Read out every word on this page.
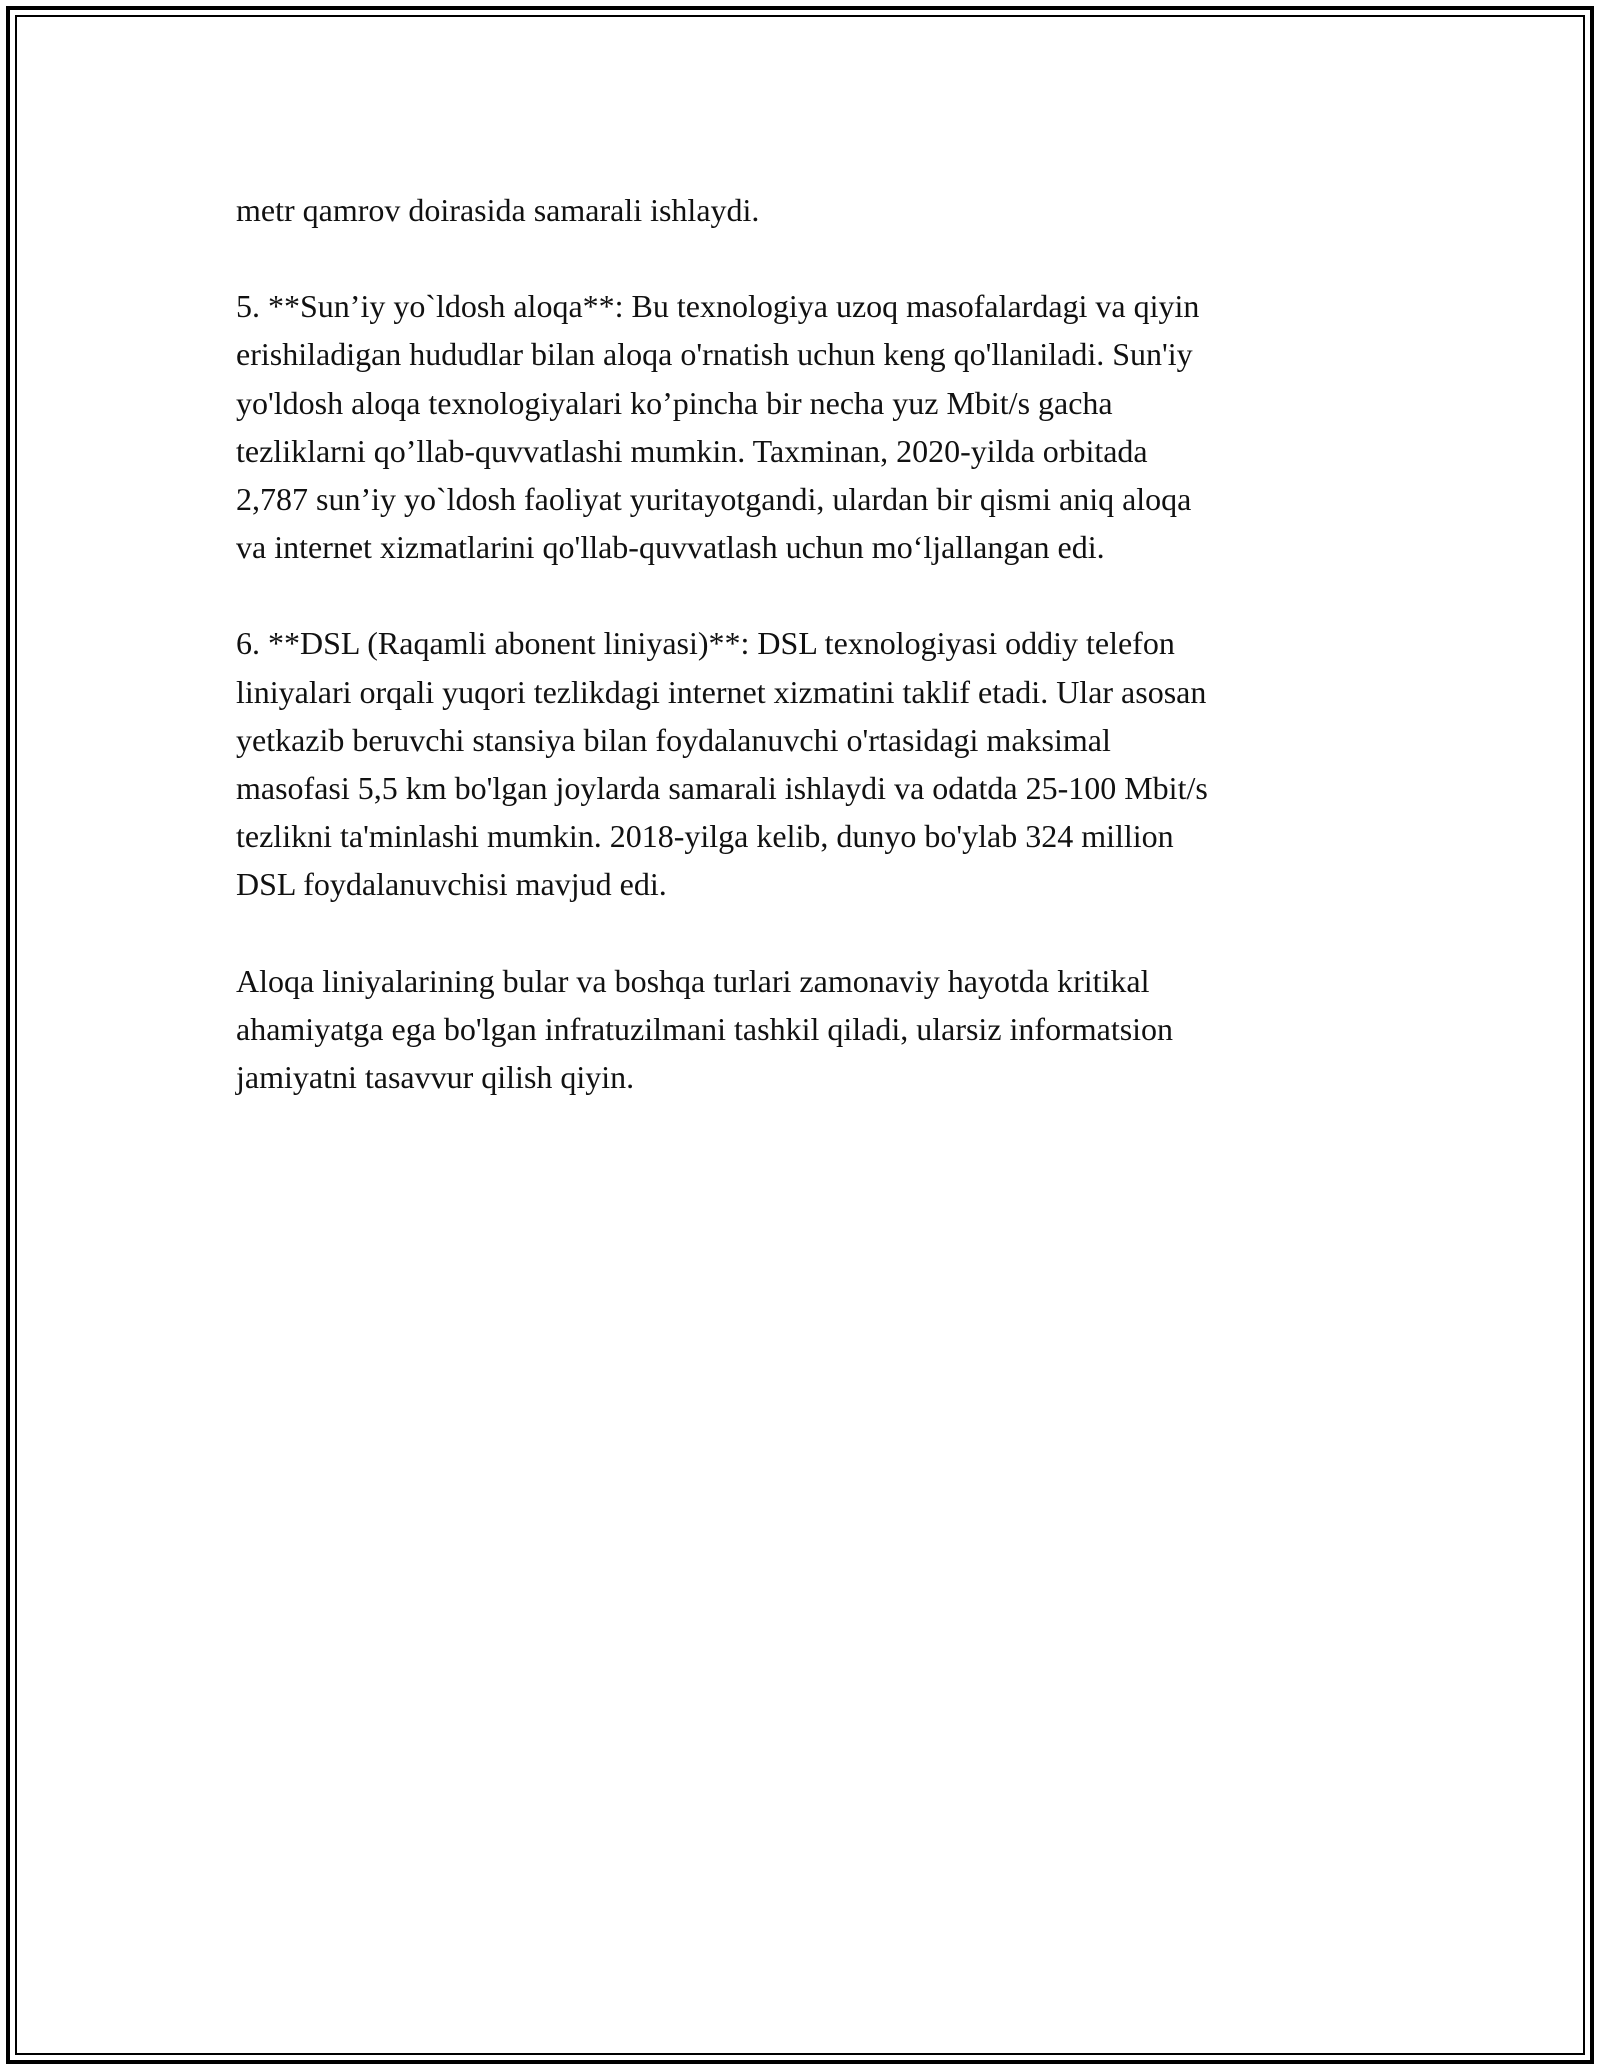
metr qamrov doirasida samarali ishlaydi.

5. **Sun’iy yo`ldosh aloqa**: Bu texnologiya uzoq masofalardagi va qiyin
erishiladigan hududlar bilan aloqa o'rnatish uchun keng qo'llaniladi. Sun'iy
yo'ldosh aloqa texnologiyalari ko’pincha bir necha yuz Mbit/s gacha
tezliklarni qo’llab-quvvatlashi mumkin. Taxminan, 2020-yilda orbitada
2,787 sun’iy yo`ldosh faoliyat yuritayotgandi, ulardan bir qismi aniq aloqa
va internet xizmatlarini qo'llab-quvvatlash uchun mo‘ljallangan edi.

6. **DSL (Raqamli abonent liniyasi)**: DSL texnologiyasi oddiy telefon
liniyalari orqali yuqori tezlikdagi internet xizmatini taklif etadi. Ular asosan
yetkazib beruvchi stansiya bilan foydalanuvchi o'rtasidagi maksimal
masofasi 5,5 km bo'lgan joylarda samarali ishlaydi va odatda 25-100 Mbit/s
tezlikni ta'minlashi mumkin. 2018-yilga kelib, dunyo bo'ylab 324 million
DSL foydalanuvchisi mavjud edi.

Aloqa liniyalarining bular va boshqa turlari zamonaviy hayotda kritikal
ahamiyatga ega bo'lgan infratuzilmani tashkil qiladi, ularsiz informatsion
jamiyatni tasavvur qilish qiyin.
